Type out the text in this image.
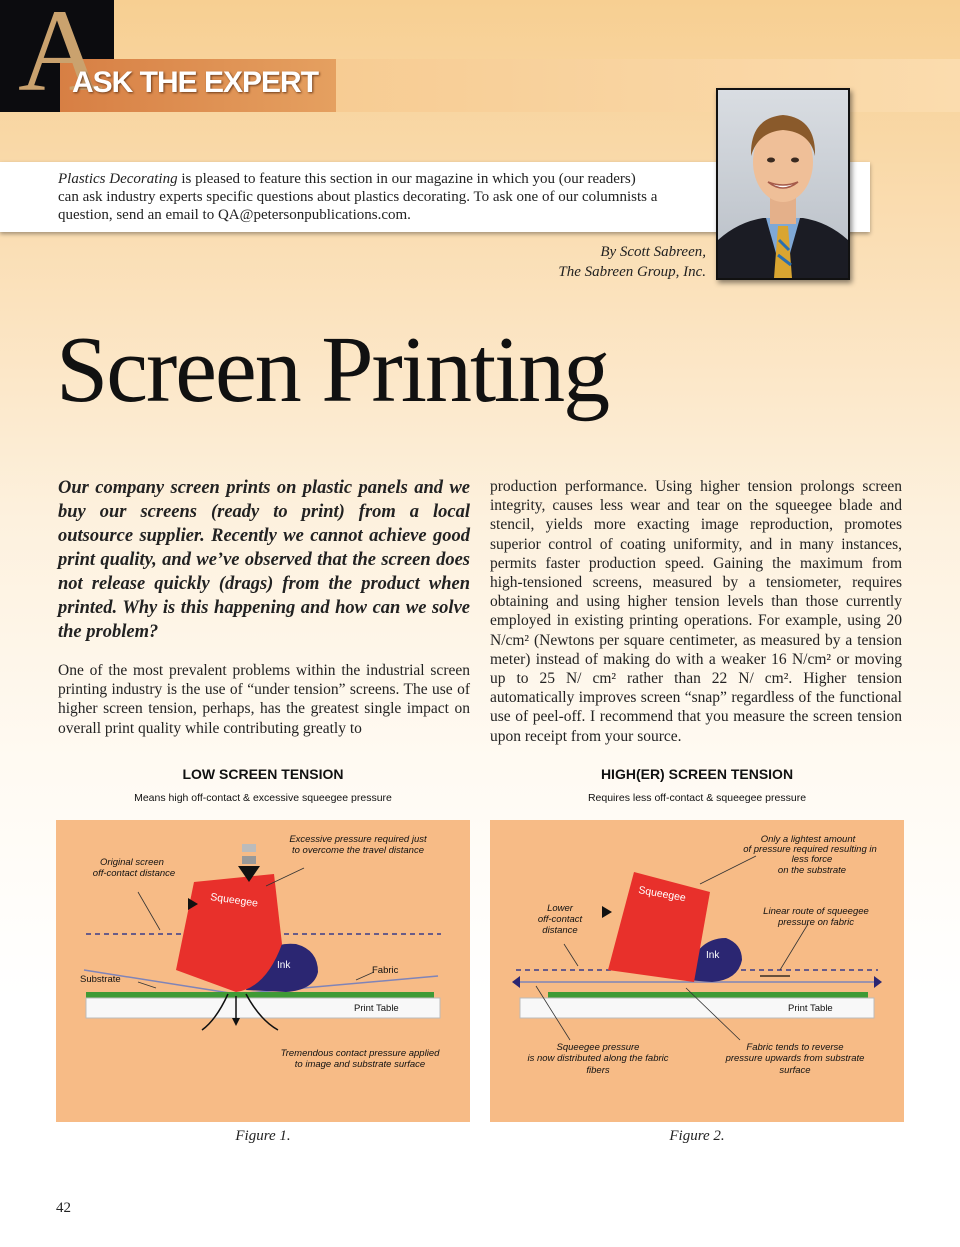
A
ASK THE EXPERT
Plastics Decorating is pleased to feature this section in our magazine in which you (our readers) can ask industry experts specific questions about plastics decorating. To ask one of our columnists a question, send an email to QA@petersonpublications.com.
By Scott Sabreen,
The Sabreen Group, Inc.
Screen Printing
Our company screen prints on plastic panels and we buy our screens (ready to print) from a local outsource supplier. Recently we cannot achieve good print quality, and we’ve observed that the screen does not release quickly (drags) from the product when printed. Why is this happening and how can we solve the problem?
One of the most prevalent problems within the industrial screen printing industry is the use of “under tension” screens. The use of higher screen tension, perhaps, has the greatest single impact on overall print quality while contributing greatly to
production performance. Using higher tension prolongs screen integrity, causes less wear and tear on the squeegee blade and stencil, yields more exacting image reproduction, promotes superior control of coating uniformity, and in many instances, permits faster production speed. Gaining the maximum from high-tensioned screens, measured by a tensiometer, requires obtaining and using higher tension levels than those currently employed in existing printing operations. For example, using 20 N/cm² (Newtons per square centimeter, as measured by a tension meter) instead of making do with a weaker 16 N/cm² or moving up to 25 N/ cm² rather than 22 N/ cm². Higher tension automatically improves screen “snap” regardless of the functional use of peel-off. I recommend that you measure the screen tension upon receipt from your source.
LOW SCREEN TENSION
Means high off-contact & excessive squeegee pressure
Excessive pressure required just
to overcome the travel distance
Original screen
off-contact distance
Squeegee
Ink	Fabric
Substrate
Print Table
Tremendous contact pressure applied
to image and substrate surface
Figure 1.
HIGH(ER) SCREEN TENSION
Requires less off-contact & squeegee pressure
Only a lightest amount
of pressure required resulting in
less force
on the substrate
Lower
off-contact
distance
Squeegee
Linear route of squeegee
pressure on fabric
Ink
Print Table
Squeegee pressure
is now distributed along the fabric
fibers
Fabric tends to reverse
pressure upwards from substrate
surface
Figure 2.
42
